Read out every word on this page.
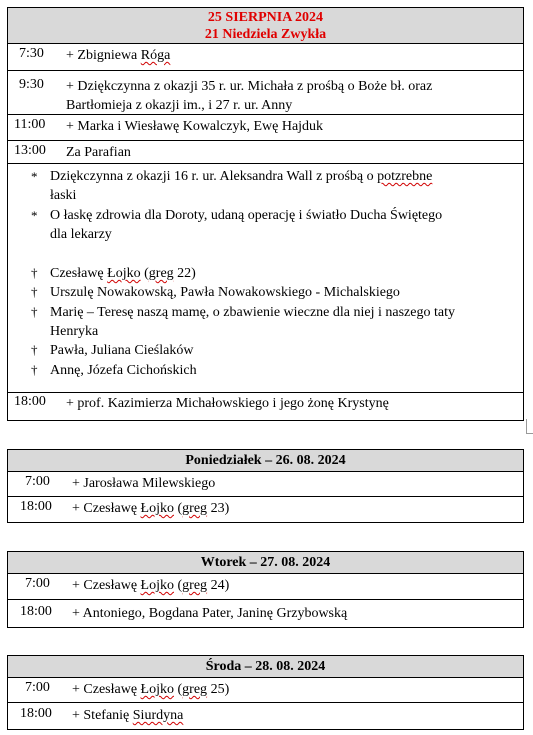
25 SIERPNIA 2024
21 Niedziela Zwykła
7:30 + Zbigniewa Róga
9:30 + Dziękczynna z okazji 35 r. ur. Michała z prośbą o Boże bł. oraz
Bartłomieja z okazji im., i 27 r. ur. Anny
11:00 + Marka i Wiesławę Kowalczyk, Ewę Hajduk
13:00 Za Parafian
* Dziękczynna z okazji 16 r. ur. Aleksandra Wall z prośbą o potzrebne
łaski
* O łaskę zdrowia dla Doroty, udaną operację i światło Ducha Świętego
dla lekarzy
† Czesławę Łojko (greg 22)
† Urszulę Nowakowską, Pawła Nowakowskiego - Michalskiego
† Marię – Teresę naszą mamę, o zbawienie wieczne dla niej i naszego taty
Henryka
† Pawła, Juliana Cieślaków
† Annę, Józefa Cichońskich
18:00 + prof. Kazimierza Michałowskiego i jego żonę Krystynę
Poniedziałek – 26. 08. 2024
7:00 + Jarosława Milewskiego
18:00 + Czesławę Łojko (greg 23)
Wtorek – 27. 08. 2024
7:00 + Czesławę Łojko (greg 24)
18:00 + Antoniego, Bogdana Pater, Janinę Grzybowską
Środa – 28. 08. 2024
7:00 + Czesławę Łojko (greg 25)
18:00 + Stefanię Siurdyna
